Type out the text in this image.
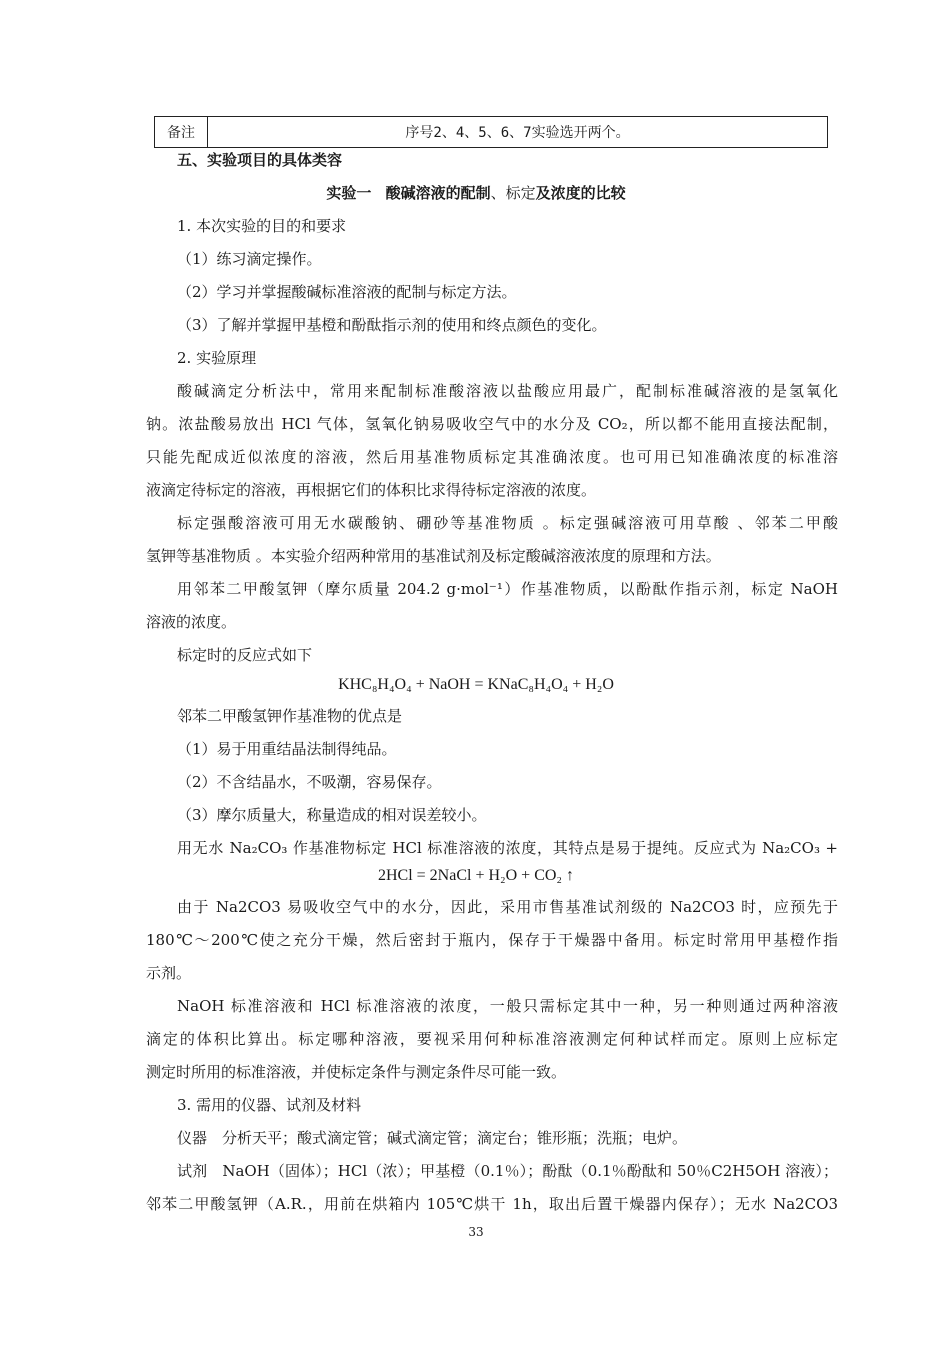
备注	序号2、4、5、6、7实验选开两个。
五、实验项目的具体类容
实验一 酸碱溶液的配制、标定及浓度的比较
1. 本次实验的目的和要求
（1）练习滴定操作。
（2）学习并掌握酸碱标准溶液的配制与标定方法。
（3）了解并掌握甲基橙和酚酞指示剂的使用和终点颜色的变化。
2. 实验原理
酸碱滴定分析法中，常用来配制标准酸溶液以盐酸应用最广，配制标准碱溶液的是氢氧化
钠。浓盐酸易放出 HCl 气体，氢氧化钠易吸收空气中的水分及 CO₂，所以都不能用直接法配制，
只能先配成近似浓度的溶液，然后用基准物质标定其准确浓度。也可用已知准确浓度的标准溶
液滴定待标定的溶液，再根据它们的体积比求得待标定溶液的浓度。
标定强酸溶液可用无水碳酸钠、硼砂等基准物质 。标定强碱溶液可用草酸 、邻苯二甲酸
氢钾等基准物质 。本实验介绍两种常用的基准试剂及标定酸碱溶液浓度的原理和方法。
用邻苯二甲酸氢钾（摩尔质量 204.2 g·mol⁻¹）作基准物质，以酚酞作指示剂，标定 NaOH
溶液的浓度。
标定时的反应式如下
KHC₈H₄O₄ + NaOH = KNaC₈H₄O₄ + H₂O
邻苯二甲酸氢钾作基准物的优点是
（1）易于用重结晶法制得纯品。
（2）不含结晶水，不吸潮，容易保存。
（3）摩尔质量大，称量造成的相对误差较小。
用无水 Na₂CO₃ 作基准物标定 HCl 标准溶液的浓度，其特点是易于提纯。反应式为 Na₂CO₃ +
2HCl = 2NaCl + H₂O + CO₂ ↑
由于 Na2CO3 易吸收空气中的水分，因此，采用市售基准试剂级的 Na2CO3 时，应预先于
180℃～200℃使之充分干燥，然后密封于瓶内，保存于干燥器中备用。标定时常用甲基橙作指
示剂。
NaOH 标准溶液和 HCl 标准溶液的浓度，一般只需标定其中一种，另一种则通过两种溶液
滴定的体积比算出。标定哪种溶液，要视采用何种标准溶液测定何种试样而定。原则上应标定
测定时所用的标准溶液，并使标定条件与测定条件尽可能一致。
3. 需用的仪器、试剂及材料
仪器　分析天平；酸式滴定管；碱式滴定管；滴定台；锥形瓶；洗瓶；电炉。
试剂　NaOH（固体）；HCl（浓）；甲基橙（0.1％）；酚酞（0.1％酚酞和 50％C2H5OH 溶液）；
邻苯二甲酸氢钾（A.R.，用前在烘箱内 105℃烘干 1h，取出后置干燥器内保存）；无水 Na2CO3
33
